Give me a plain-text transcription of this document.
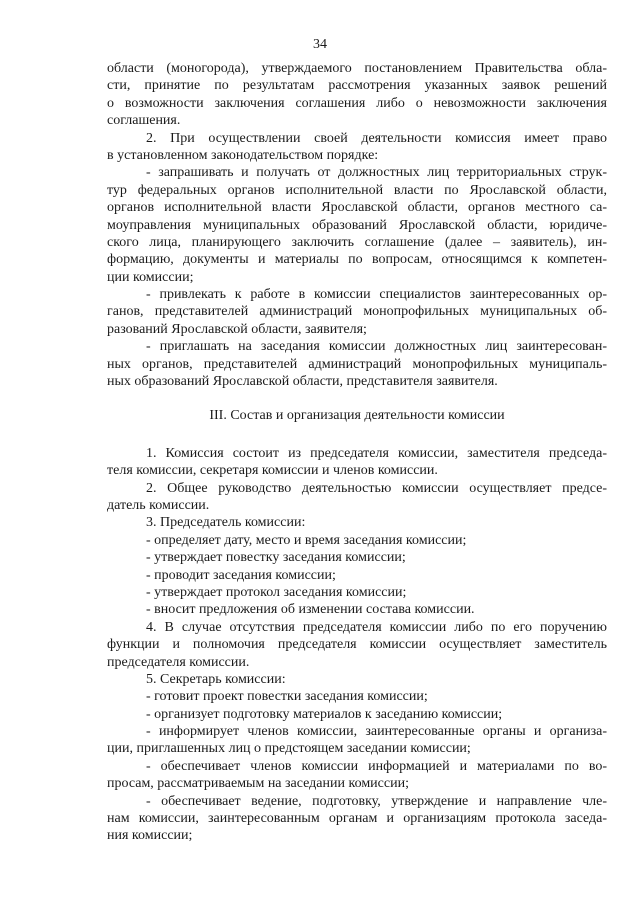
34
области (моногорода), утверждаемого постановлением Правительства обла-
сти, принятие по результатам рассмотрения указанных заявок решений
о возможности заключения соглашения либо о невозможности заключения
соглашения.
2. При осуществлении своей деятельности комиссия имеет право
в установленном законодательством порядке:
- запрашивать и получать от должностных лиц территориальных струк-
тур федеральных органов исполнительной власти по Ярославской области,
органов исполнительной власти Ярославской области, органов местного са-
моуправления муниципальных образований Ярославской области, юридиче-
ского лица, планирующего заключить соглашение (далее – заявитель), ин-
формацию, документы и материалы по вопросам, относящимся к компетен-
ции комиссии;
- привлекать к работе в комиссии специалистов заинтересованных ор-
ганов, представителей администраций монопрофильных муниципальных об-
разований Ярославской области, заявителя;
- приглашать на заседания комиссии должностных лиц заинтересован-
ных органов, представителей администраций монопрофильных муниципаль-
ных образований Ярославской области, представителя заявителя.
III. Состав и организация деятельности комиссии
1. Комиссия состоит из председателя комиссии, заместителя председа-
теля комиссии, секретаря комиссии и членов комиссии.
2. Общее руководство деятельностью комиссии осуществляет предсе-
датель комиссии.
3. Председатель комиссии:
- определяет дату, место и время заседания комиссии;
- утверждает повестку заседания комиссии;
- проводит заседания комиссии;
- утверждает протокол заседания комиссии;
- вносит предложения об изменении состава комиссии.
4. В случае отсутствия председателя комиссии либо по его поручению
функции и полномочия председателя комиссии осуществляет заместитель
председателя комиссии.
5. Секретарь комиссии:
- готовит проект повестки заседания комиссии;
- организует подготовку материалов к заседанию комиссии;
- информирует членов комиссии, заинтересованные органы и организа-
ции, приглашенных лиц о предстоящем заседании комиссии;
- обеспечивает членов комиссии информацией и материалами по во-
просам, рассматриваемым на заседании комиссии;
- обеспечивает ведение, подготовку, утверждение и направление чле-
нам комиссии, заинтересованным органам и организациям протокола заседа-
ния комиссии;
